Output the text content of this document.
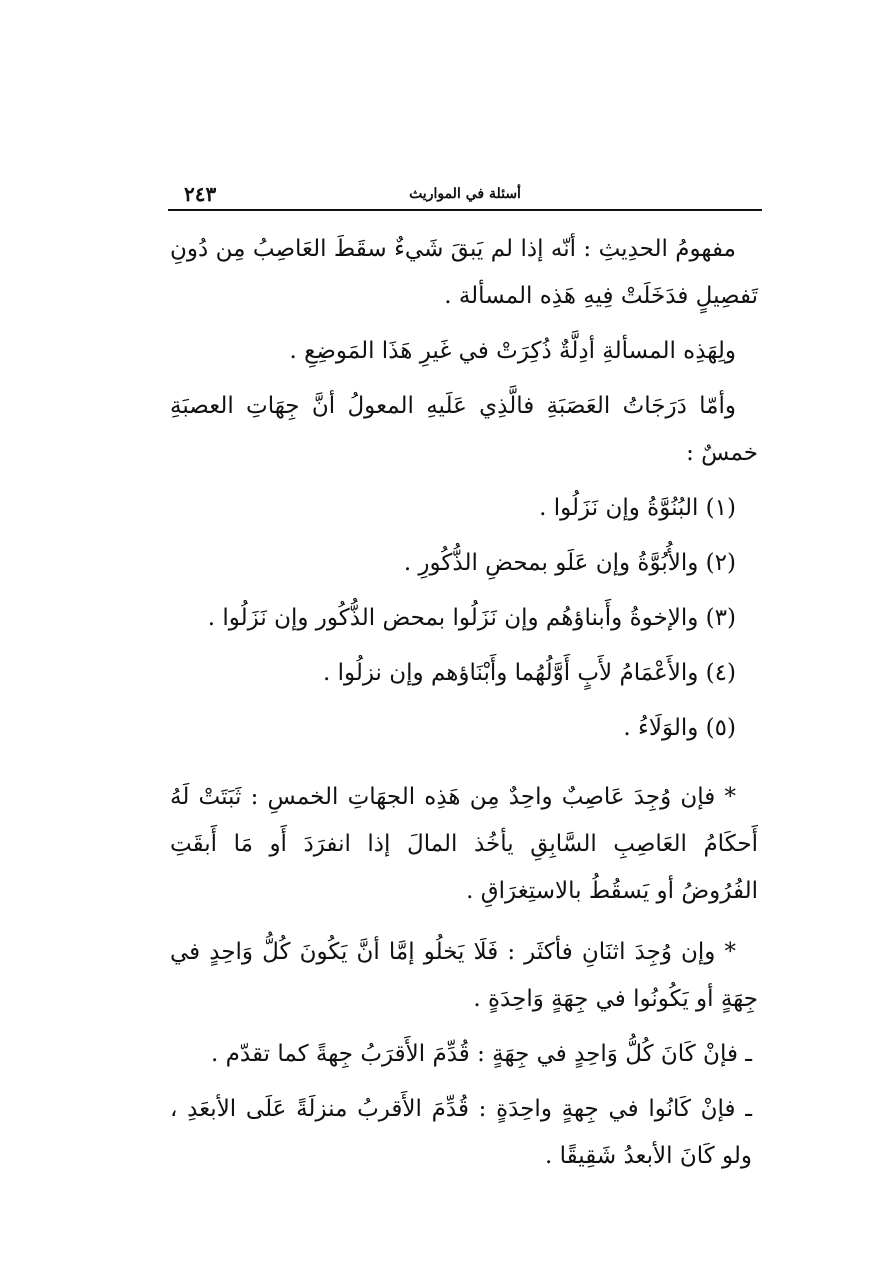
٢٤٣	أسئلة في المواريث

مفهومُ الحدِيثِ : أنّه إذا لم يَبقَ شَيءٌ سقَطَ العَاصِبُ مِن دُونِ تَفصِيلٍ فدَخَلَتْ فِيهِ هَذِه المسألة .

ولِهَذِه المسألةِ أدِلَّةٌ ذُكِرَتْ في غَيرِ هَذَا المَوضِعِ .

وأمّا دَرَجَاتُ العَصَبَةِ فالَّذِي عَلَيهِ المعولُ أنَّ جِهَاتِ العصبَةِ خمسٌ :

(١) البُنُوَّةُ وإن نَزَلُوا .

(٢) والأُبُوَّةُ وإن عَلَو بمحضِ الذُّكُورِ .

(٣) والإخوةُ وأَبناؤهُم وإن نَزَلُوا بمحض الذُّكُور وإن نَزَلُوا .

(٤) والأَعْمَامُ لأَبٍ أَوَّلُهُما وأَبْنَاؤهم وإن نزلُوا .

(٥) والوَلَاءُ .

* فإن وُجِدَ عَاصِبٌ واحِدٌ مِن هَذِه الجهَاتِ الخمسِ : ثَبَتَتْ لَهُ أَحكَامُ العَاصِبِ السَّابِقِ يأخُذ المالَ إذا انفرَدَ أَو مَا أَبقَتِ الفُرُوضُ أو يَسقُطُ بالاستِغرَاقِ .

* وإن وُجِدَ اثنَانِ فأكثَر : فَلَا يَخلُو إمَّا أنَّ يَكُونَ كُلُّ وَاحِدٍ في جِهَةٍ أو يَكُونُوا في جِهَةٍ وَاحِدَةٍ .

ـ فإنْ كَانَ كُلُّ وَاحِدٍ في جِهَةٍ : قُدِّمَ الأَقرَبُ جِهةً كما تقدّم .

ـ فإنْ كَانُوا في جِهةٍ واحِدَةٍ : قُدِّمَ الأَقربُ منزلَةً عَلَى الأبعَدِ ، ولو كَانَ الأبعدُ شَقِيقًا .
